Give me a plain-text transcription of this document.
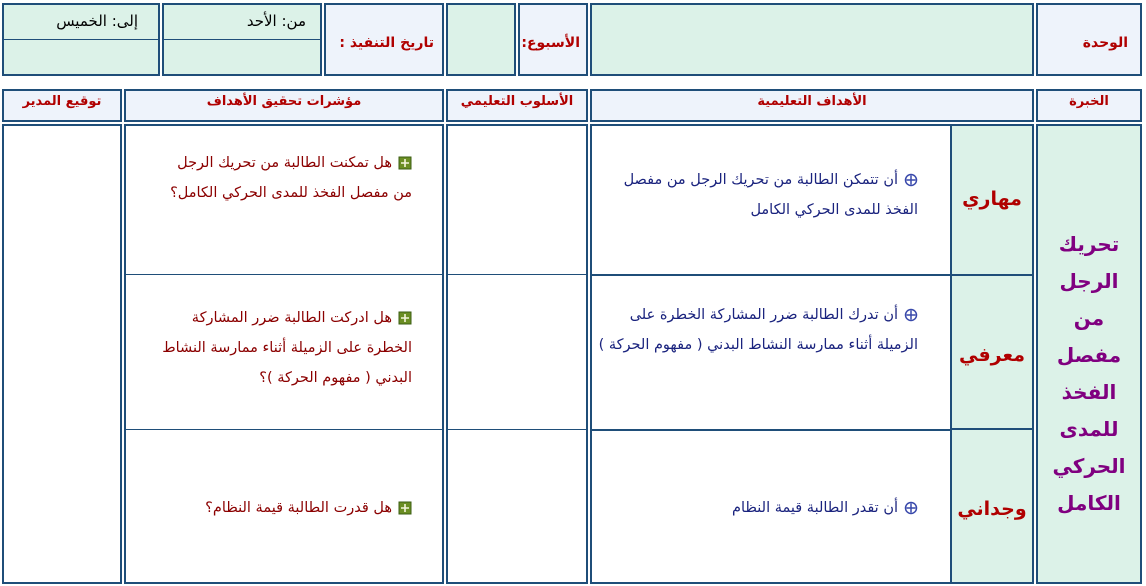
الوحدة
الأسبوع:
تاريخ التنفيذ :
من: الأحد
إلى: الخميس
الخبرة
الأهداف التعليمية
الأسلوب التعليمي
مؤشرات تحقيق الأهداف
توقيع المدير
تحريك الرجل من مفصل الفخذ للمدى الحركي الكامل
مهاري
معرفي
وجداني
أن تتمكن الطالبة من تحريك الرجل من مفصل الفخذ للمدى الحركي الكامل
أن تدرك الطالبة ضرر المشاركة الخطرة على الزميلة أثناء ممارسة النشاط البدني ( مفهوم الحركة )
أن تقدر الطالبة قيمة النظام
هل تمكنت الطالبة من تحريك الرجل من مفصل الفخذ للمدى الحركي الكامل؟
هل ادركت الطالبة ضرر المشاركة الخطرة على الزميلة أثناء ممارسة النشاط البدني ( مفهوم الحركة )؟
هل قدرت الطالبة قيمة النظام؟
